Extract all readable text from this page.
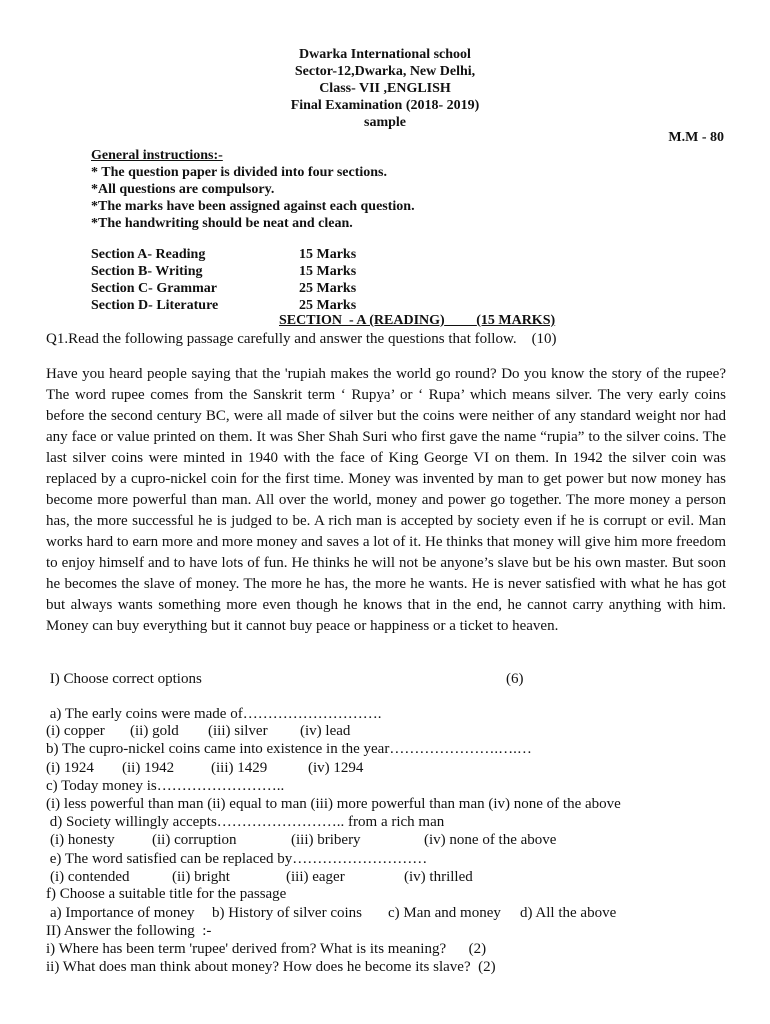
Dwarka International school
Sector-12,Dwarka, New Delhi,
Class- VII ,ENGLISH
Final Examination (2018- 2019)
sample
M.M - 80
General instructions:-
* The question paper is divided into four sections.
*All questions are compulsory.
*The marks have been assigned against each question.
*The handwriting should be neat and clean.
Section A- Reading	15 Marks
Section B- Writing	15 Marks
Section C- Grammar	25 Marks
Section D- Literature	25 Marks
SECTION  - A (READING) (15 MARKS)
Q1.Read the following passage carefully and answer the questions that follow.    (10)
Have you heard people saying that the 'rupiah makes the world go round? Do you know the story of the rupee? The word rupee comes from the Sanskrit term ‘ Rupya’ or ‘ Rupa’ which means silver. The very early coins before the second century BC, were all made of silver but the coins were neither of any standard weight nor had any face or value printed on them. It was Sher Shah Suri who first gave the name “rupia” to the silver coins. The last silver coins were minted in 1940 with the face of King George VI on them. In 1942 the silver coin was replaced by a cupro-nickel coin for the first time. Money was invented by man to get power but now money has become more powerful than man. All over the world, money and power go together. The more money a person has, the more successful he is judged to be. A rich man is accepted by society even if he is corrupt or evil. Man works hard to earn more and more money and saves a lot of it. He thinks that money will give him more freedom to enjoy himself and to have lots of fun. He thinks he will not be anyone’s slave but be his own master. But soon he becomes the slave of money. The more he has, the more he wants. He is never satisfied with what he has got but always wants something more even though he knows that in the end, he cannot carry anything with him. Money can buy everything but it cannot buy peace or happiness or a ticket to heaven.
I) Choose correct options	(6)
a) The early coins were made of……………………….
(i) copper (ii) gold (iii) silver (iv) lead
b) The cupro-nickel coins came into existence in the year………………….….…
(i) 1924 (ii) 1942 (iii) 1429	(iv) 1294
c) Today money is……………………..
(i) less powerful than man (ii) equal to man (iii) more powerful than man (iv) none of the above
d) Society willingly accepts…………………….. from a rich man
(i) honesty (ii) corruption	(iii) bribery	(iv) none of the above
e) The word satisfied can be replaced by………………………
(i) contended	(ii) bright	(iii) eager	(iv) thrilled
f) Choose a suitable title for the passage
a) Importance of money b) History of silver coins c) Man and money d) All the above
II) Answer the following  :-
i) Where has been term 'rupee' derived from? What is its meaning?      (2)
ii) What does man think about money? How does he become its slave?  (2)
